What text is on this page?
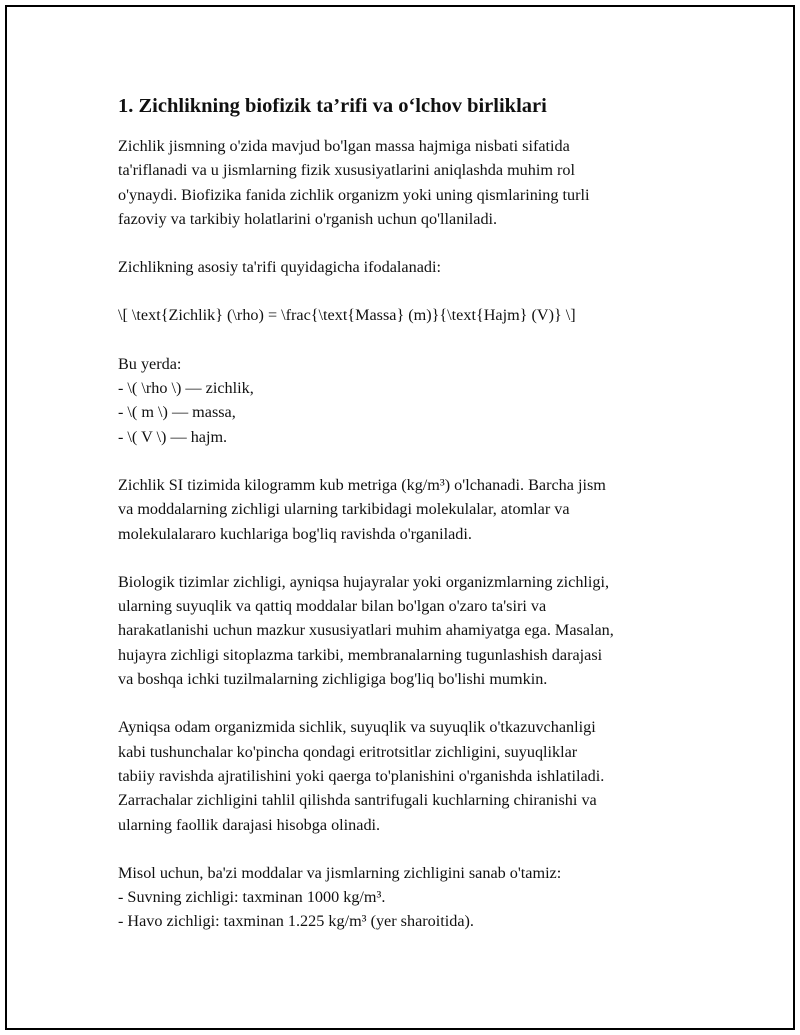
1. Zichlikning biofizik ta’rifi va o‘lchov birliklari

Zichlik jismning o'zida mavjud bo'lgan massa hajmiga nisbati sifatida
ta'riflanadi va u jismlarning fizik xususiyatlarini aniqlashda muhim rol
o'ynaydi. Biofizika fanida zichlik organizm yoki uning qismlarining turli
fazoviy va tarkibiy holatlarini o'rganish uchun qo'llaniladi.

Zichlikning asosiy ta'rifi quyidagicha ifodalanadi:

\[ \text{Zichlik} (\rho) = \frac{\text{Massa} (m)}{\text{Hajm} (V)} \]

Bu yerda:
- \( \rho \) — zichlik,
- \( m \) — massa,
- \( V \) — hajm.

Zichlik SI tizimida kilogramm kub metriga (kg/m³) o'lchanadi. Barcha jism
va moddalarning zichligi ularning tarkibidagi molekulalar, atomlar va
molekulalararo kuchlariga bog'liq ravishda o'rganiladi.

Biologik tizimlar zichligi, ayniqsa hujayralar yoki organizmlarning zichligi,
ularning suyuqlik va qattiq moddalar bilan bo'lgan o'zaro ta'siri va
harakatlanishi uchun mazkur xususiyatlari muhim ahamiyatga ega. Masalan,
hujayra zichligi sitoplazma tarkibi, membranalarning tugunlashish darajasi
va boshqa ichki tuzilmalarning zichligiga bog'liq bo'lishi mumkin.

Ayniqsa odam organizmida sichlik, suyuqlik va suyuqlik o'tkazuvchanligi
kabi tushunchalar ko'pincha qondagi eritrotsitlar zichligini, suyuqliklar
tabiiy ravishda ajratilishini yoki qaerga to'planishini o'rganishda ishlatiladi.
Zarrachalar zichligini tahlil qilishda santrifugali kuchlarning chiranishi va
ularning faollik darajasi hisobga olinadi.

Misol uchun, ba'zi moddalar va jismlarning zichligini sanab o'tamiz:
- Suvning zichligi: taxminan 1000 kg/m³.
- Havo zichligi: taxminan 1.225 kg/m³ (yer sharoitida).
